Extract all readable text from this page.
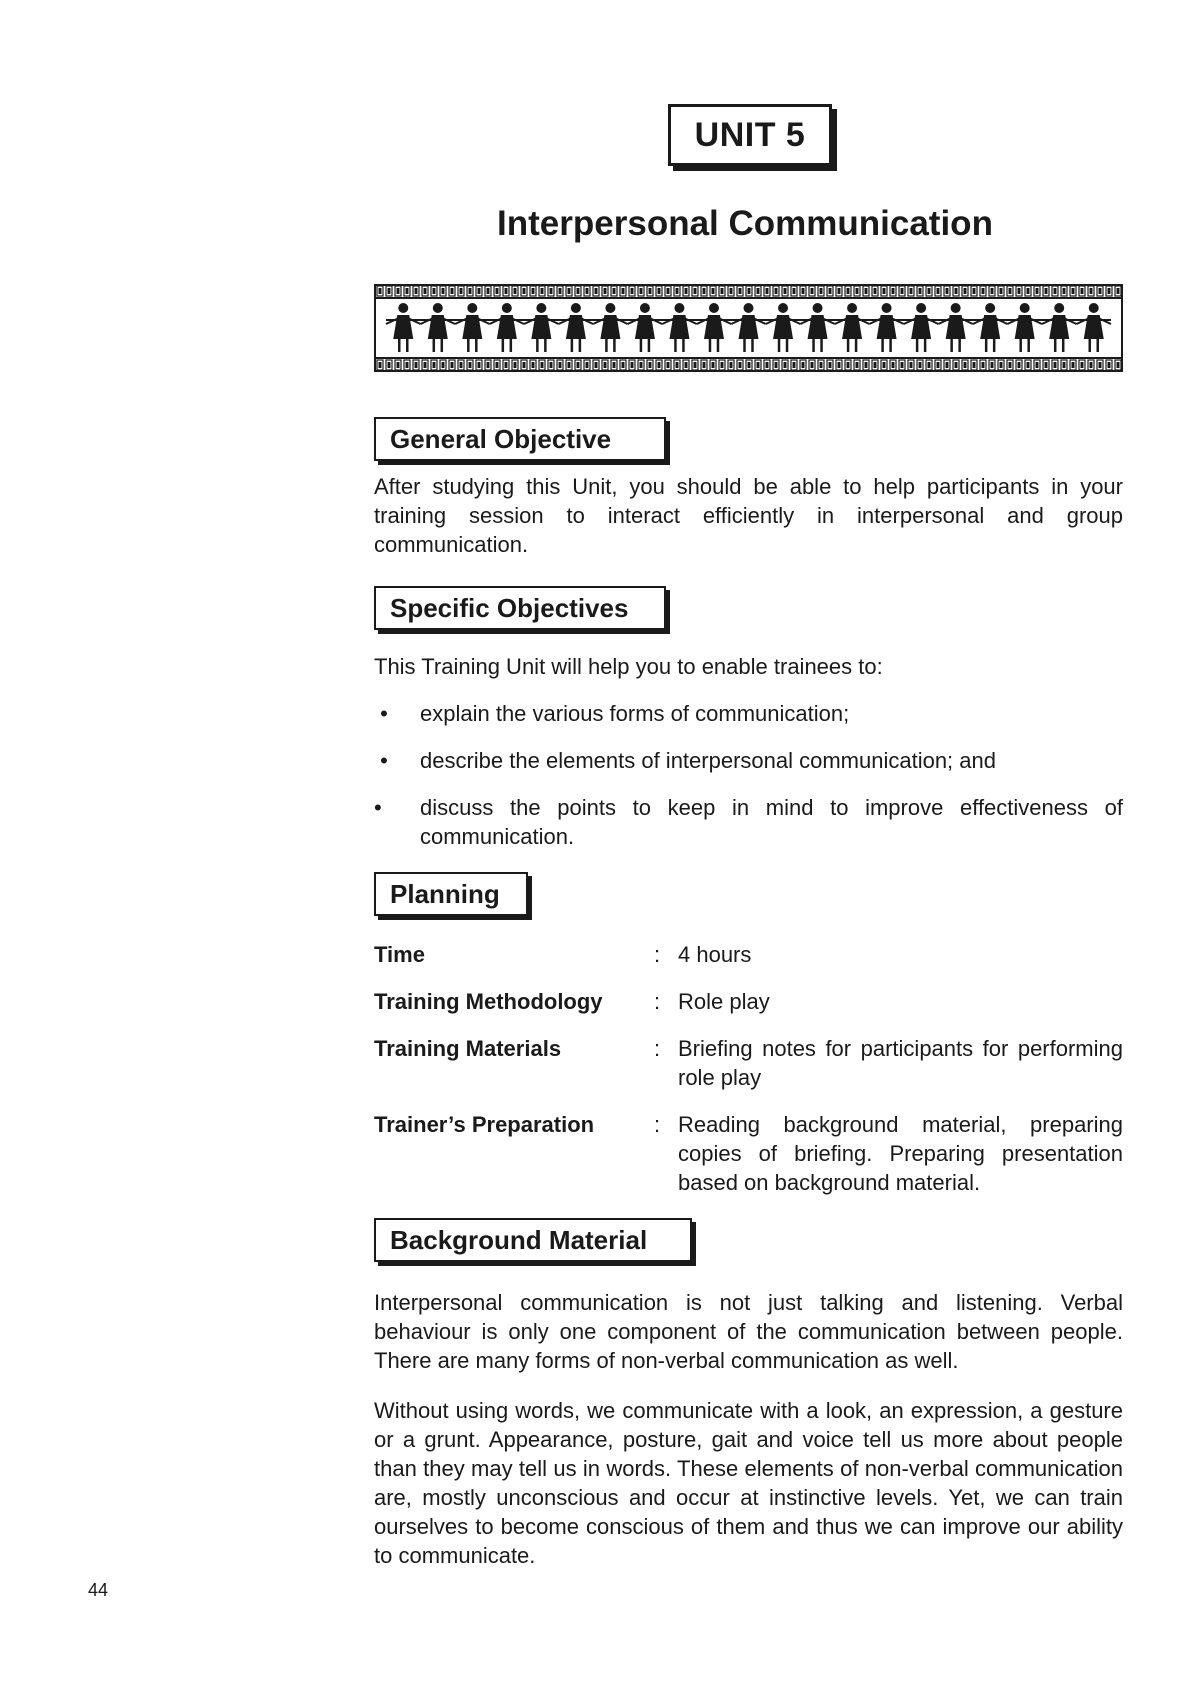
UNIT 5
Interpersonal Communication
General Objective

After studying this Unit, you should be able to help participants in your training session to interact efficiently in interpersonal and group communication.

Specific Objectives

This Training Unit will help you to enable trainees to:

• explain the various forms of communication;
• describe the elements of interpersonal communication; and
•	discuss the points to keep in mind to improve effectiveness of communication.
Planning
Time	: 4 hours
Training Methodology	: Role play
Training Materials	: Briefing notes for participants for performing role play
Trainer’s Preparation	: Reading background material, preparing copies of briefing. Preparing presentation based on background material.
Background Material

Interpersonal communication is not just talking and listening. Verbal behaviour is only one component of the communication between people. There are many forms of non-verbal communication as well.

Without using words, we communicate with a look, an expression, a gesture or a grunt. Appearance, posture, gait and voice tell us more about people than they may tell us in words. These elements of non-verbal communication are, mostly unconscious and occur at instinctive levels. Yet, we can train ourselves to become conscious of them and thus we can improve our ability to communicate.

44
